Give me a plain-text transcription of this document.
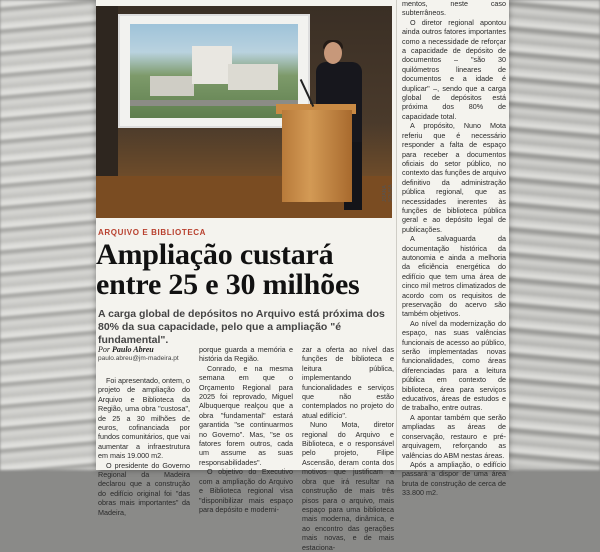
JOANA SOUSA
ARQUIVO E BIBLIOTECA
Ampliação custará entre 25 e 30 milhões
A carga global de depósitos no Arquivo está próxima dos 80% da sua capacidade, pelo que a ampliação "é fundamental".
Por Paulo Abreu
paulo.abreu@jm-madeira.pt

Foi apresentado, ontem, o projeto de ampliação do Arquivo e Biblioteca da Região, uma obra "custosa", de 25 a 30 milhões de euros, cofinanciada por fundos comunitários, que vai aumentar a infraestrutura em mais 19.000 m2.

O presidente do Governo Regional da Madeira declarou que a construção do edifício original foi "das obras mais importantes" da Madeira,

porque guarda a memória e história da Região.

Conrado, e na mesma semana em que o Orçamento Regional para 2025 foi reprovado, Miguel Albuquerque realçou que a obra "fundamental" estará garantida "se continuarmos no Governo". Mas, "se os fatores forem outros, cada um assume as suas responsabilidades".

O objetivo do Executivo com a ampliação do Arquivo e Biblioteca regional visa "disponibilizar mais espaço para depósito e moderni-

zar a oferta ao nível das funções de biblioteca e leitura pública, implementando funcionalidades e serviços que não estão contemplados no projeto do atual edifício".

Nuno Mota, diretor regional do Arquivo e Biblioteca, e o responsável pelo projeto, Filipe Ascensão, deram conta dos motivos que justificam a obra que irá resultar na construção de mais três pisos para o arquivo, mais espaço para uma biblioteca mais moderna, dinâmica, e ao encontro das gerações mais novas, e de mais estaciona-

mentos, neste caso subterrâneos.

O diretor regional apontou ainda outros fatores importantes como a necessidade de reforçar a capacidade de depósito de documentos – "são 30 quilómetros lineares de documentos e a idade é duplicar" –, sendo que a carga global de depósitos está próxima dos 80% de capacidade total.

A propósito, Nuno Mota referiu que é necessário responder a falta de espaço para receber a documentos oficiais do setor público, no contexto das funções de arquivo definitivo da administração pública regional, que as necessidades inerentes às funções de biblioteca pública geral e ao depósito legal de publicações.

A salvaguarda da documentação histórica da autonomia e ainda a melhoria da eficiência energética do edifício que tem uma área de cinco mil metros climatizados de acordo com os requisitos de preservação do acervo são também objetivos.

Ao nível da modernização do espaço, nas suas valências funcionais de acesso ao público, serão implementadas novas funcionalidades, como áreas diferenciadas para a leitura pública em contexto de biblioteca, área para serviços educativos, áreas de estudos e de trabalho, entre outras.

A apontar também que serão ampliadas as áreas de conservação, restauro e pré-arquivagem, reforçando as valências do ABM nestas áreas.

Após a ampliação, o edifício passará a dispor de uma área bruta de construção de cerca de 33.800 m2.
